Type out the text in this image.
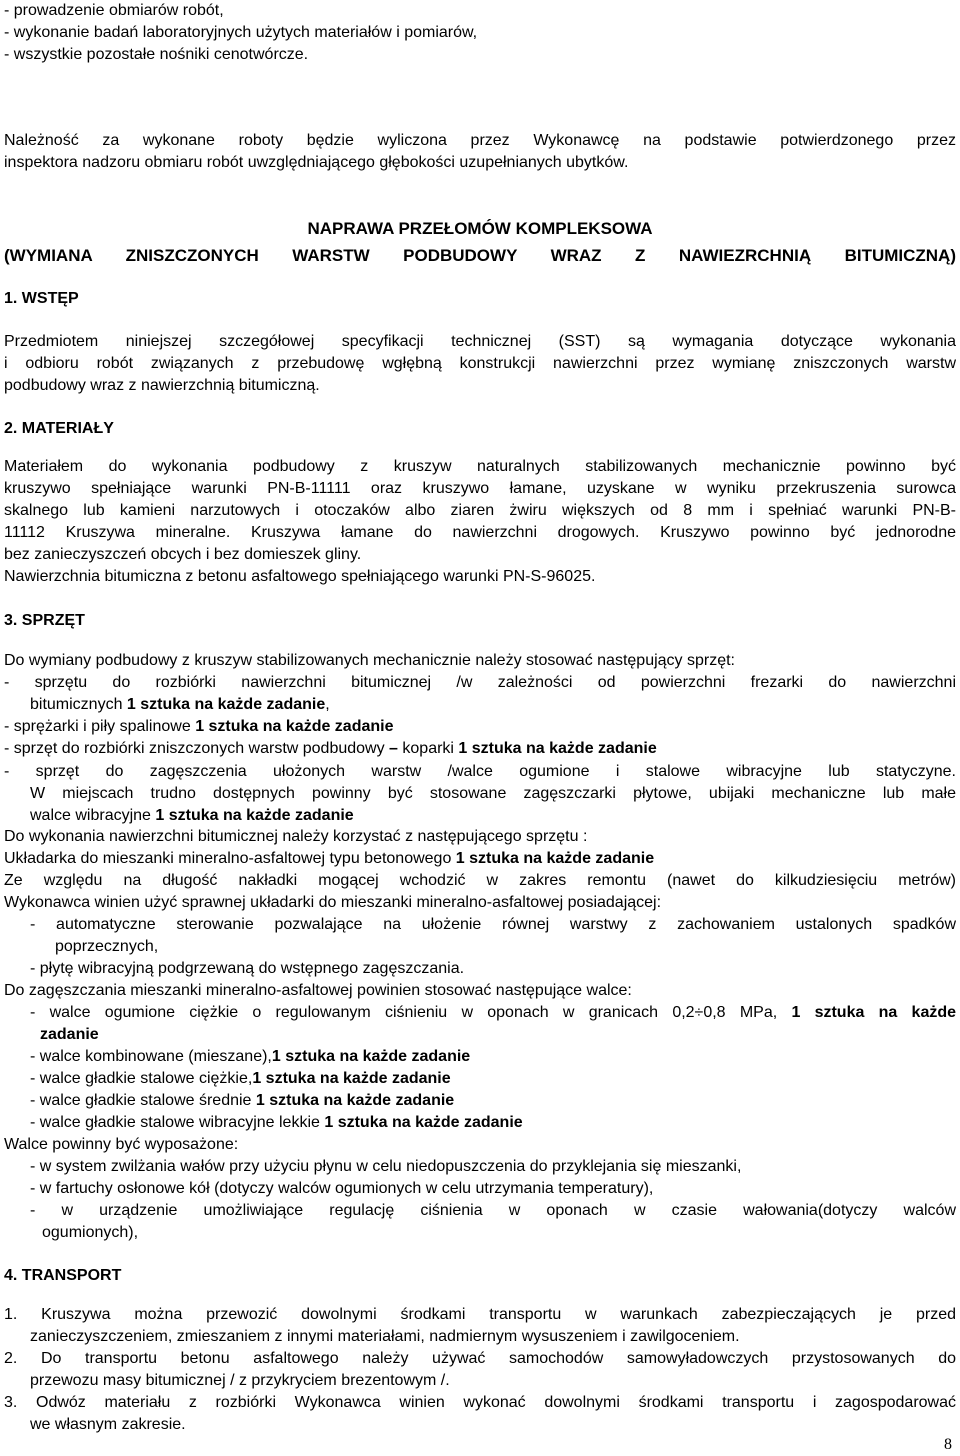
- prowadzenie obmiarów robót,
- wykonanie badań laboratoryjnych użytych materiałów i pomiarów,
- wszystkie pozostałe nośniki cenotwórcze.
Należność za wykonane roboty będzie wyliczona przez Wykonawcę na podstawie potwierdzonego przez
inspektora nadzoru obmiaru robót uwzględniającego głębokości uzupełnianych ubytków.
NAPRAWA PRZEŁOMÓW KOMPLEKSOWA
(WYMIANA ZNISZCZONYCH WARSTW PODBUDOWY WRAZ Z NAWIEZRCHNIĄ BITUMICZNĄ)
1. WSTĘP
Przedmiotem niniejszej szczegółowej specyfikacji technicznej (SST) są wymagania dotyczące wykonania
i odbioru robót związanych z przebudowę wgłębną konstrukcji nawierzchni przez wymianę zniszczonych warstw
podbudowy wraz z nawierzchnią bitumiczną.
2. MATERIAŁY
Materiałem do wykonania podbudowy z kruszyw naturalnych stabilizowanych mechanicznie powinno być
kruszywo spełniające warunki PN-B-11111 oraz kruszywo łamane, uzyskane w wyniku przekruszenia surowca
skalnego lub kamieni narzutowych i otoczaków albo ziaren żwiru większych od 8 mm i spełniać warunki PN-B-
11112 Kruszywa mineralne. Kruszywa łamane do nawierzchni drogowych. Kruszywo powinno być jednorodne
bez zanieczyszczeń obcych i bez domieszek gliny.
Nawierzchnia bitumiczna z betonu asfaltowego spełniającego warunki PN-S-96025.
3. SPRZĘT
Do wymiany podbudowy z kruszyw stabilizowanych mechanicznie należy stosować następujący sprzęt:
- sprzętu do rozbiórki nawierzchni bitumicznej /w zależności od powierzchni frezarki do nawierzchni
bitumicznych 1 sztuka na każde zadanie,
- sprężarki i piły spalinowe 1 sztuka na każde zadanie
- sprzęt do rozbiórki zniszczonych warstw podbudowy – koparki 1 sztuka na każde zadanie
- sprzęt do zagęszczenia ułożonych warstw /walce ogumione i stalowe wibracyjne lub statyczyne.
W miejscach trudno dostępnych powinny być stosowane zagęszczarki płytowe, ubijaki mechaniczne lub małe
walce wibracyjne 1 sztuka na każde zadanie
Do wykonania nawierzchni bitumicznej należy korzystać z następującego sprzętu :
Układarka do mieszanki mineralno-asfaltowej typu betonowego 1 sztuka na każde zadanie
Ze względu na długość nakładki mogącej wchodzić w zakres remontu (nawet do kilkudziesięciu metrów)
Wykonawca winien użyć sprawnej układarki do mieszanki mineralno-asfaltowej posiadającej:
- automatyczne sterowanie pozwalające na ułożenie równej warstwy z zachowaniem ustalonych spadków
poprzecznych,
- płytę wibracyjną podgrzewaną do wstępnego zagęszczania.
Do zagęszczania mieszanki mineralno-asfaltowej powinien stosować następujące walce:
- walce ogumione ciężkie o regulowanym ciśnieniu w oponach w granicach 0,2÷0,8 MPa, 1 sztuka na każde
zadanie
- walce kombinowane (mieszane),1 sztuka na każde zadanie
- walce gładkie stalowe ciężkie,1 sztuka na każde zadanie
- walce gładkie stalowe średnie 1 sztuka na każde zadanie
- walce gładkie stalowe wibracyjne lekkie 1 sztuka na każde zadanie
Walce powinny być wyposażone:
- w system zwilżania wałów przy użyciu płynu w celu niedopuszczenia do przyklejania się mieszanki,
- w fartuchy osłonowe kół (dotyczy walców ogumionych w celu utrzymania temperatury),
- w urządzenie umożliwiające regulację ciśnienia w oponach w czasie wałowania(dotyczy walców
ogumionych),
4. TRANSPORT
1. Kruszywa można przewozić dowolnymi środkami transportu w warunkach zabezpieczających je przed
zanieczyszczeniem, zmieszaniem z innymi materiałami, nadmiernym wysuszeniem i zawilgoceniem.
2. Do transportu betonu asfaltowego należy używać samochodów samowyładowczych przystosowanych do
przewozu masy bitumicznej / z przykryciem brezentowym /.
3. Odwóz materiału z rozbiórki Wykonawca winien wykonać dowolnymi środkami transportu i zagospodarować
we własnym zakresie.
8
